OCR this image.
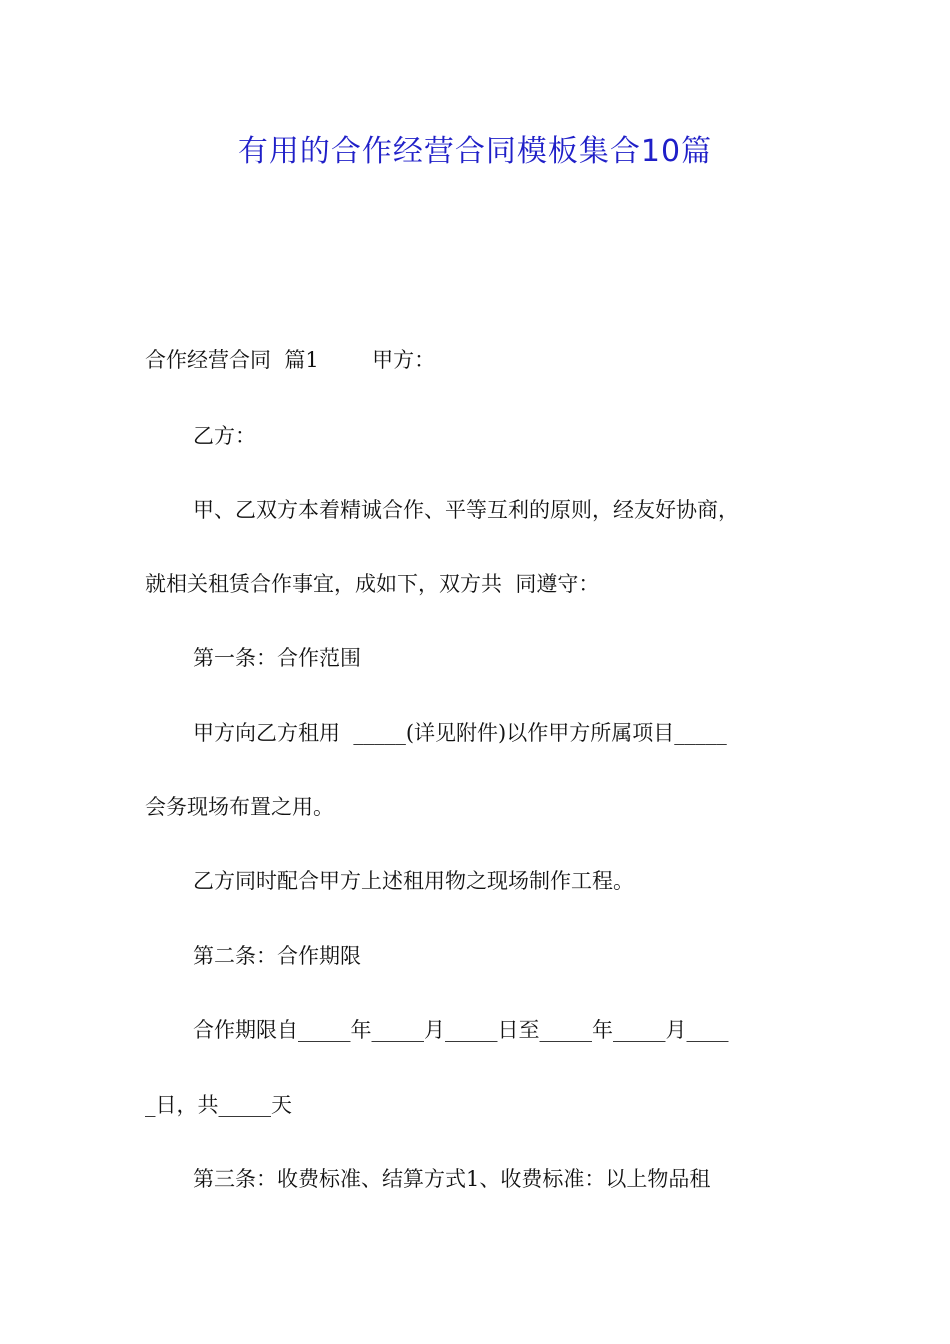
有用的合作经营合同模板集合10篇
合作经营合同  篇1        甲方：
乙方：
甲、乙双方本着精诚合作、平等互利的原则，经友好协商，
就相关租赁合作事宜，成如下，双方共  同遵守：
第一条：合作范围
甲方向乙方租用  _____(详见附件)以作甲方所属项目_____
会务现场布置之用。
乙方同时配合甲方上述租用物之现场制作工程。
第二条：合作期限
合作期限自_____年_____月_____日至_____年_____月____
_日，共_____天
第三条：收费标准、结算方式1、收费标准：以上物品租
